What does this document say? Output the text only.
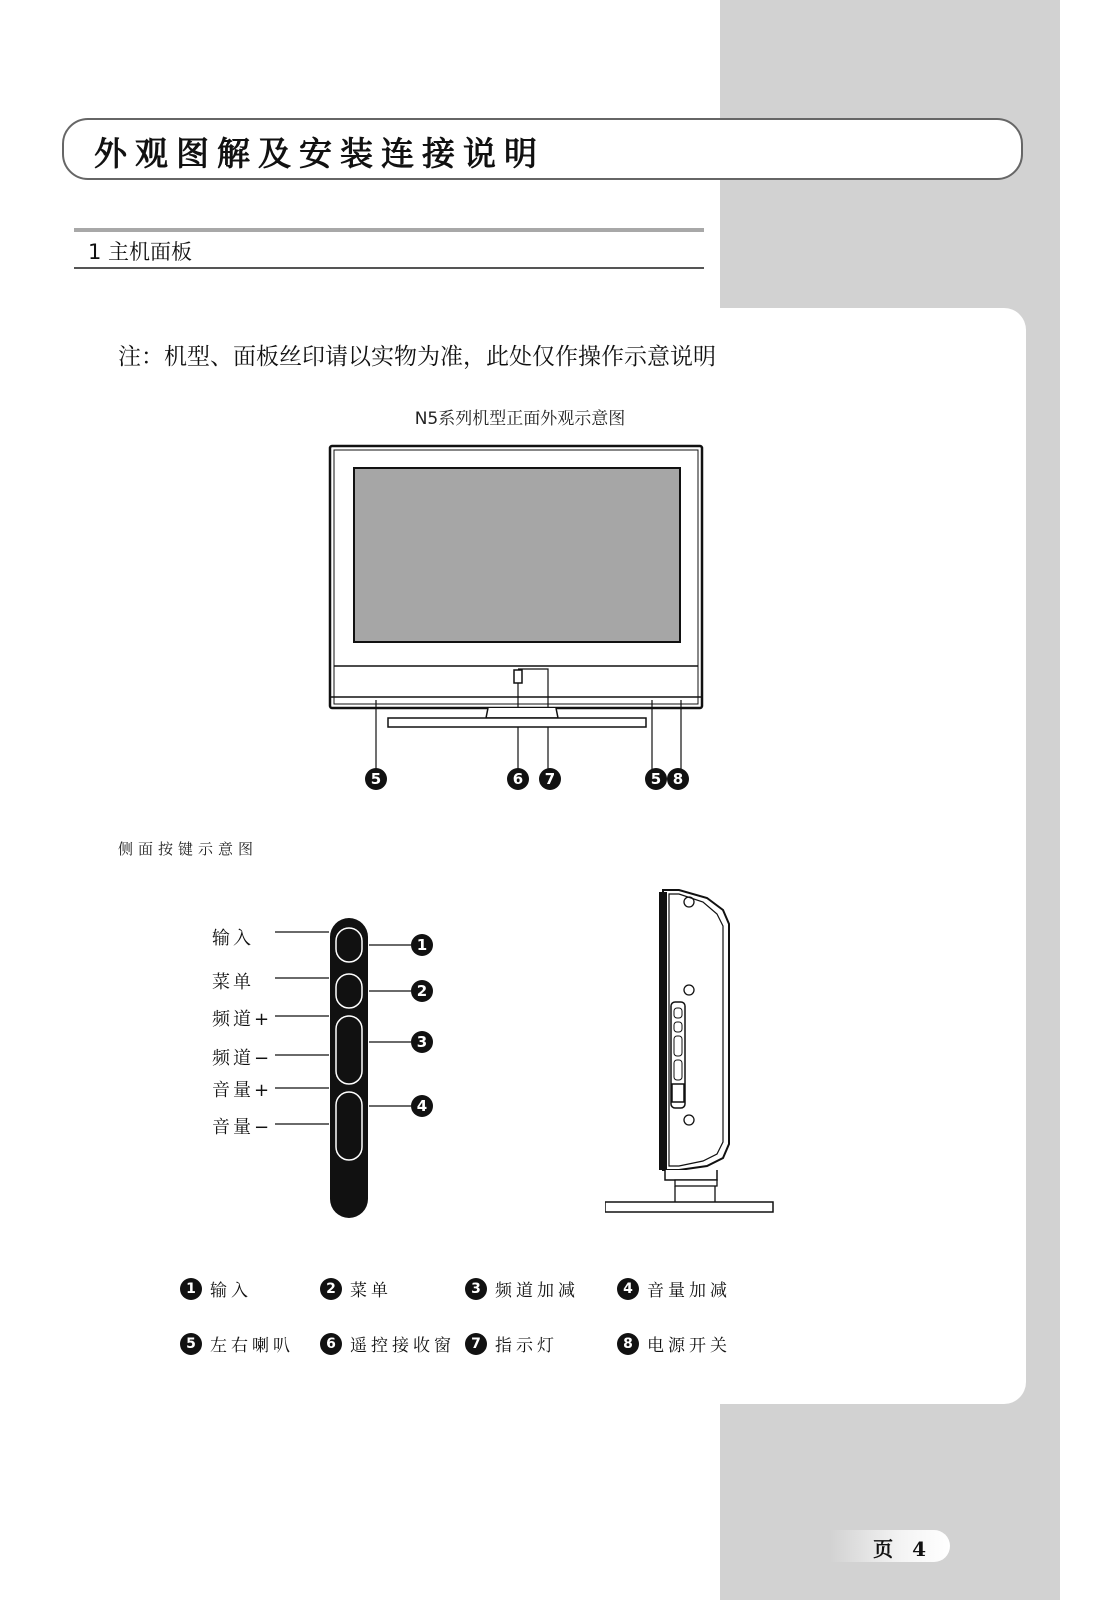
外观图解及安装连接说明
1 主机面板
注：机型、面板丝印请以实物为准，此处仅作操作示意说明
N5系列机型正面外观示意图
5	6 7	5 8
侧面按键示意图
输入
菜单
频道+
频道−
音量+
音量−
1
2
3
4
1 输入	2 菜单	3 频道加减	4 音量加减
5 左右喇叭	6 遥控接收窗	7 指示灯	8 电源开关
页 4
